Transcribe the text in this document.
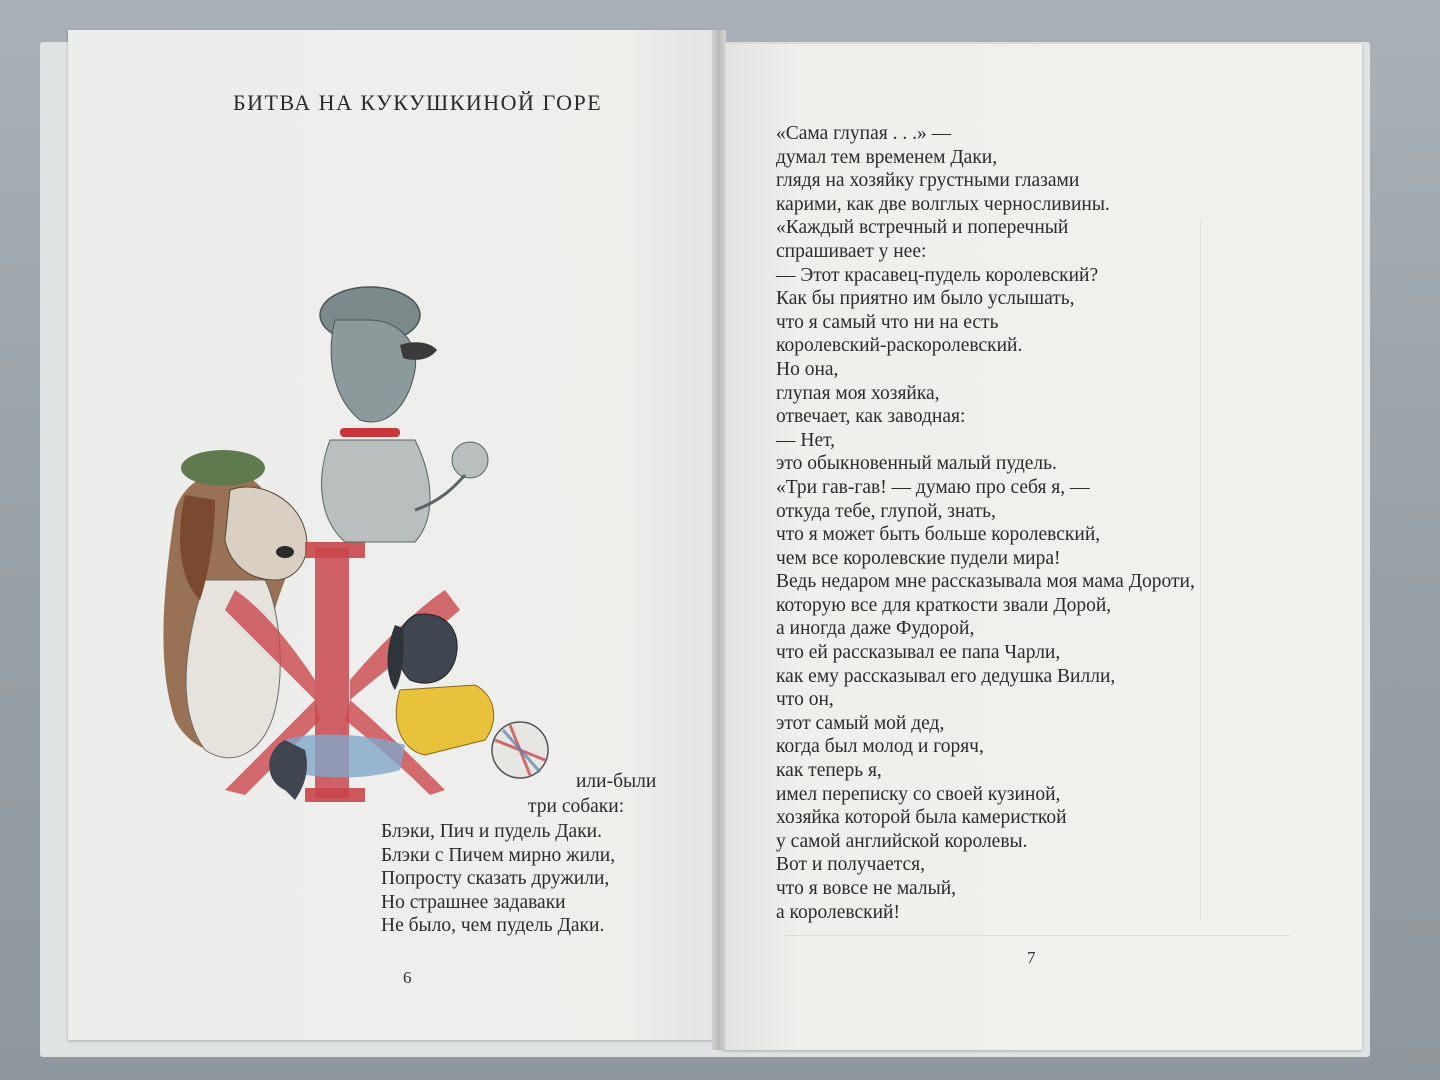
БИТВА НА КУКУШКИНОЙ ГОРЕ
или-были
три собаки:
Блэки, Пич и пудель Даки.
Блэки с Пичем мирно жили,
Попросту сказать дружили,
Но страшнее задаваки
Не было, чем пудель Даки.
6
«Сама глупая . . .» —
думал тем временем Даки,
глядя на хозяйку грустными глазами
карими, как две волглых черносливины.
«Каждый встречный и поперечный
спрашивает у нее:
— Этот красавец-пудель королевский?
Как бы приятно им было услышать,
что я самый что ни на есть
королевский-раскоролевский.
Но она,
глупая моя хозяйка,
отвечает, как заводная:
— Нет,
это обыкновенный малый пудель.
«Три гав-гав! — думаю про себя я, —
откуда тебе, глупой, знать,
что я может быть больше королевский,
чем все королевские пудели мира!
Ведь недаром мне рассказывала моя мама Дороти,
которую все для краткости звали Дорой,
а иногда даже Фудорой,
что ей рассказывал ее папа Чарли,
как ему рассказывал его дедушка Вилли,
что он,
этот самый мой дед,
когда был молод и горяч,
как теперь я,
имел переписку со своей кузиной,
хозяйка которой была камеристкой
у самой английской королевы.
Вот и получается,
что я вовсе не малый,
а королевский!
7
